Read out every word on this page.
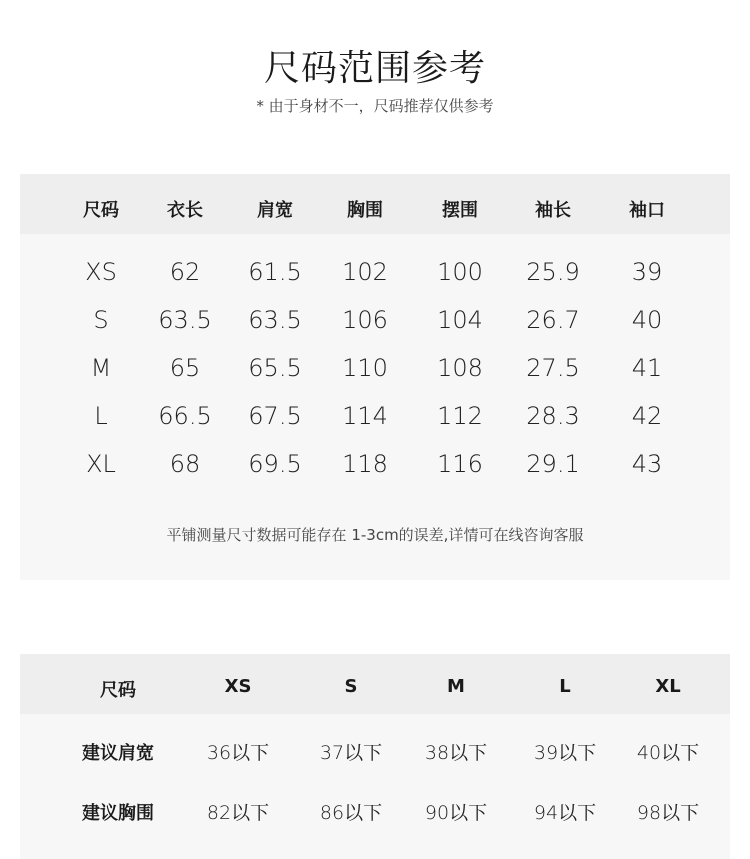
尺码范围参考
* 由于身材不一，尺码推荐仅供参考
尺码	衣长	肩宽	胸围	摆围	袖长	袖口
XS 62 61.5 102 100 25.9 39
S 63.5 63.5 106 104 26.7 40
M 65 65.5 110 108 27.5 41
L 66.5 67.5 114 112 28.3 42
XL 68 69.5 118 116 29.1 43
平铺测量尺寸数据可能存在 1-3cm的误差,详情可在线咨询客服
尺码	XS	S	M	L	XL
建议肩宽	36以下	37以下 38以下 39以下 40以下
建议胸围	82以下	86以下 90以下 94以下 98以下
